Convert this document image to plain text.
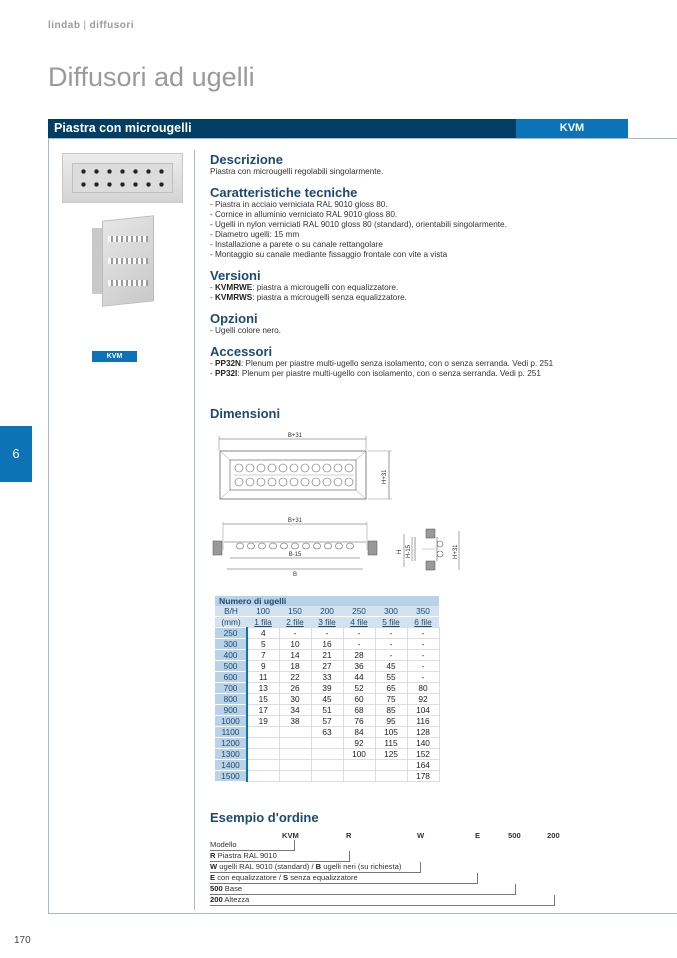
lindab | diffusori
Diffusori ad ugelli
Piastra con microugelli	KVM
6
170
KVM
Descrizione

Piastra con microugelli regolabili singolarmente.

Caratteristiche tecniche
- Piastra in acciaio verniciata RAL 9010 gloss 80.
- Cornice in alluminio verniciato RAL 9010 gloss 80.
- Ugelli in nylon verniciati RAL 9010 gloss 80 (standard), orientabili singolarmente.
- Diametro ugelli: 15 mm
- Installazione a parete o su canale rettangolare
- Montaggio su canale mediante fissaggio frontale con vite a vista
Versioni
- KVMRWE: piastra a microugelli con equalizzatore.
- KVMRWS: piastra a microugelli senza equalizzatore.
Opzioni
- Ugelli colore nero.
Accessori
- PP32N: Plenum per piastre multi-ugello senza isolamento, con o senza serranda. Vedi p. 251
- PP32I: Plenum per piastre multi-ugello con isolamento, con o senza serranda. Vedi p. 251
Dimensioni
B+31
H+31
B+31
B-15
B
H H-15	H+31
Numero di ugelli						
B/H	100	150	200	250	300	350
(mm)	1 fila	2 file	3 file	4 file	5 file	6 file
250	4	-	-	-	-	-
300	5	10	16	-	-	-
400	7	14	21	28	-	-
500	9	18	27	36	45	-
600	11	22	33	44	55	-
700	13	26	39	52	65	80
800	15	30	45	60	75	92
900	17	34	51	68	85	104
1000	19	38	57	76	95	116
1100			63	84	105	128
1200				92	115	140
1300				100	125	152
1400						164
1500						178
Esempio d'ordine
KVM	R	W	E	500	200
Modello
R Piastra RAL 9010
W ugelli RAL 9010 (standard) / B ugelli neri (su richiesta)
E con equalizzatore / S senza equalizzatore
500 Base
200 Altezza
